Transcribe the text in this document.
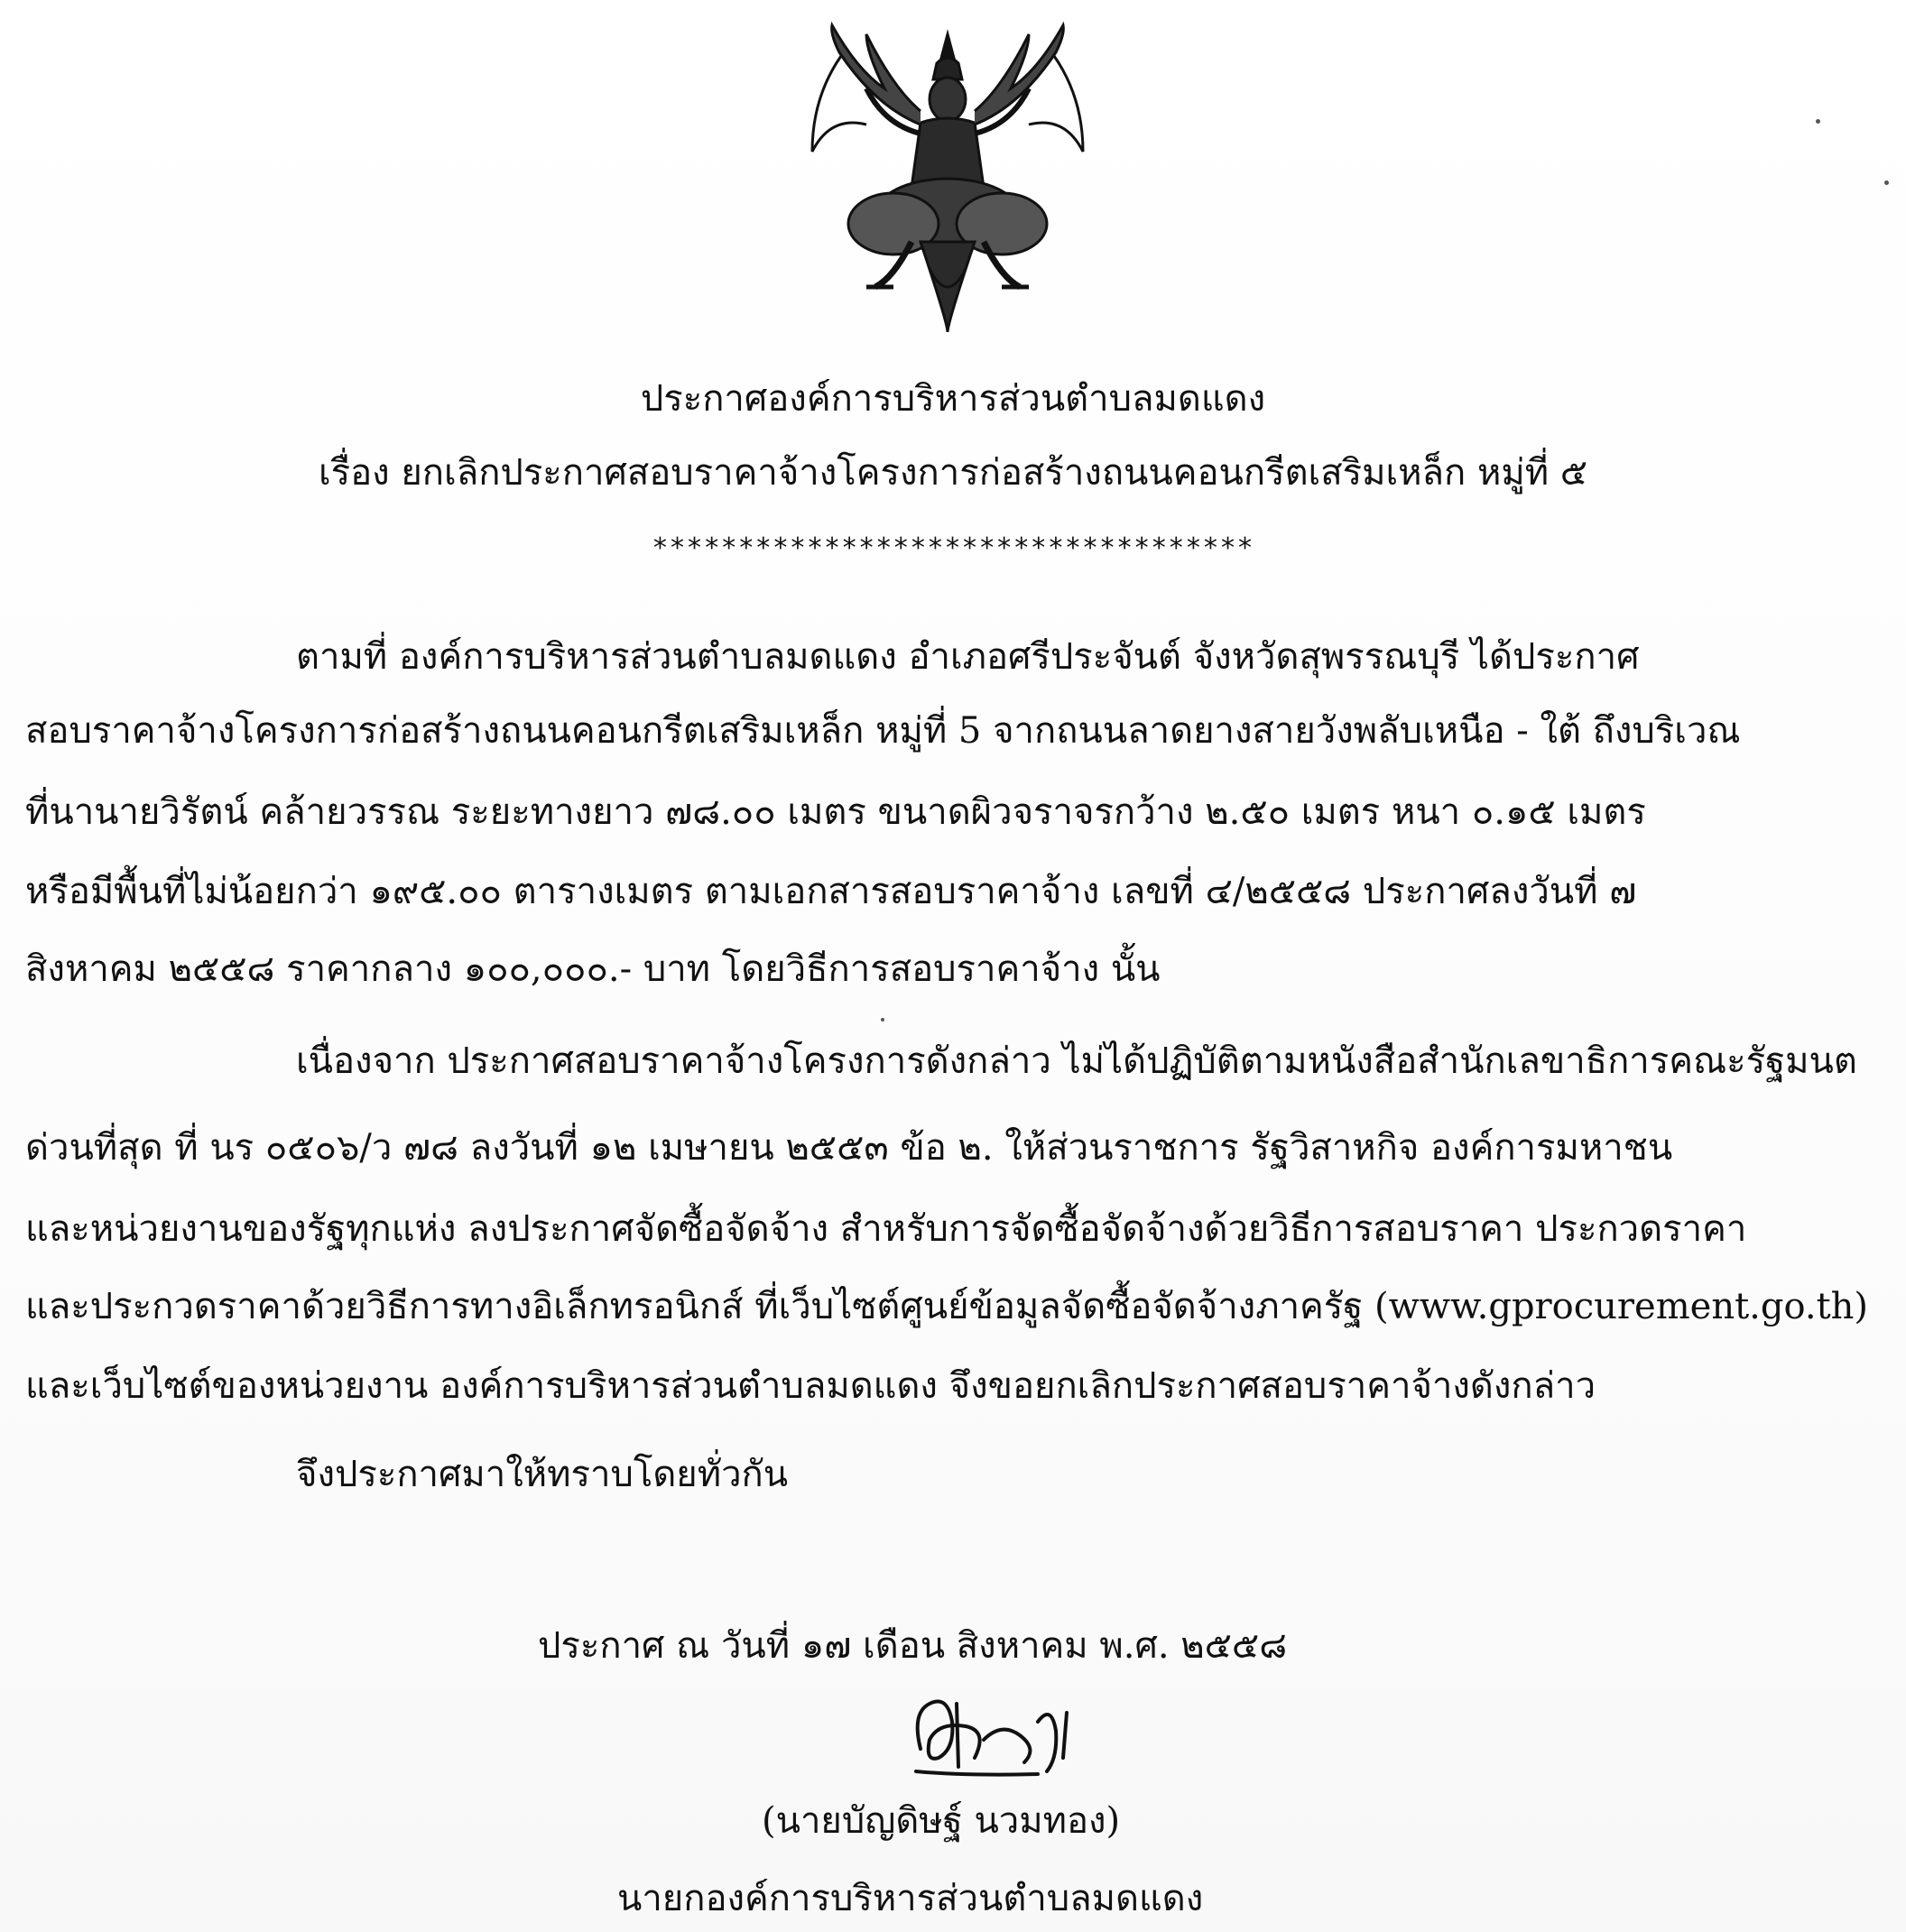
ประกาศองค์การบริหารส่วนตำบลมดแดง
เรื่อง ยกเลิกประกาศสอบราคาจ้างโครงการก่อสร้างถนนคอนกรีตเสริมเหล็ก หมู่ที่ ๕
***********************************
ตามที่ องค์การบริหารส่วนตำบลมดแดง อำเภอศรีประจันต์ จังหวัดสุพรรณบุรี ได้ประกาศ
สอบราคาจ้างโครงการก่อสร้างถนนคอนกรีตเสริมเหล็ก หมู่ที่ 5 จากถนนลาดยางสายวังพลับเหนือ - ใต้ ถึงบริเวณ
ที่นานายวิรัตน์ คล้ายวรรณ ระยะทางยาว ๗๘.๐๐ เมตร ขนาดผิวจราจรกว้าง ๒.๕๐ เมตร หนา ๐.๑๕ เมตร
หรือมีพื้นที่ไม่น้อยกว่า ๑๙๕.๐๐ ตารางเมตร ตามเอกสารสอบราคาจ้าง เลขที่ ๔/๒๕๕๘ ประกาศลงวันที่ ๗
สิงหาคม ๒๕๕๘ ราคากลาง ๑๐๐,๐๐๐.- บาท โดยวิธีการสอบราคาจ้าง นั้น
เนื่องจาก ประกาศสอบราคาจ้างโครงการดังกล่าว ไม่ได้ปฏิบัติตามหนังสือสำนักเลขาธิการคณะรัฐมนต
ด่วนที่สุด ที่ นร ๐๕๐๖/ว ๗๘ ลงวันที่ ๑๒ เมษายน ๒๕๕๓ ข้อ ๒. ให้ส่วนราชการ รัฐวิสาหกิจ องค์การมหาชน
และหน่วยงานของรัฐทุกแห่ง ลงประกาศจัดซื้อจัดจ้าง สำหรับการจัดซื้อจัดจ้างด้วยวิธีการสอบราคา ประกวดราคา
และประกวดราคาด้วยวิธีการทางอิเล็กทรอนิกส์ ที่เว็บไซต์ศูนย์ข้อมูลจัดซื้อจัดจ้างภาครัฐ (www.gprocurement.go.th)
และเว็บไซต์ของหน่วยงาน องค์การบริหารส่วนตำบลมดแดง จึงขอยกเลิกประกาศสอบราคาจ้างดังกล่าว
จึงประกาศมาให้ทราบโดยทั่วกัน
ประกาศ ณ วันที่ ๑๗ เดือน สิงหาคม พ.ศ. ๒๕๕๘
(นายบัญดิษฐ์ นวมทอง)
นายกองค์การบริหารส่วนตำบลมดแดง
